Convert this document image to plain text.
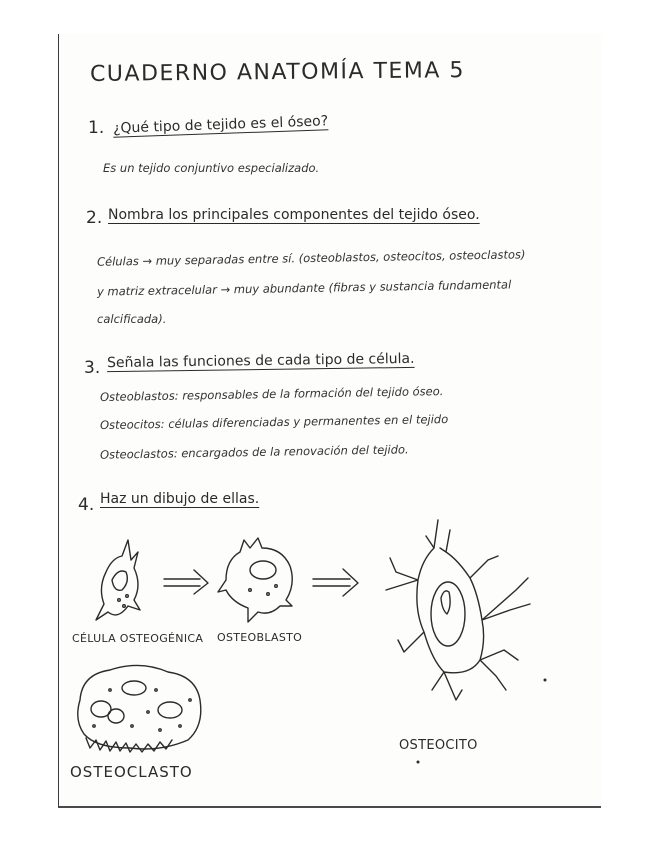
CUADERNO ANATOMÍA TEMA 5
1. ¿Qué tipo de tejido es el óseo?
Es un tejido conjuntivo especializado.
2. Nombra los principales componentes del tejido óseo.
Células → muy separadas entre sí. (osteoblastos, osteocitos, osteoclastos)
y matriz extracelular → muy abundante (fibras y sustancia fundamental
calcificada).
3. Señala las funciones de cada tipo de célula.
Osteoblastos: responsables de la formación del tejido óseo.
Osteocitos: células diferenciadas y permanentes en el tejido
Osteoclastos: encargados de la renovación del tejido.
4. Haz un dibujo de ellas.
CÉLULA OSTEOGÉNICA OSTEOBLASTO
OSTEOCITO
OSTEOCLASTO
